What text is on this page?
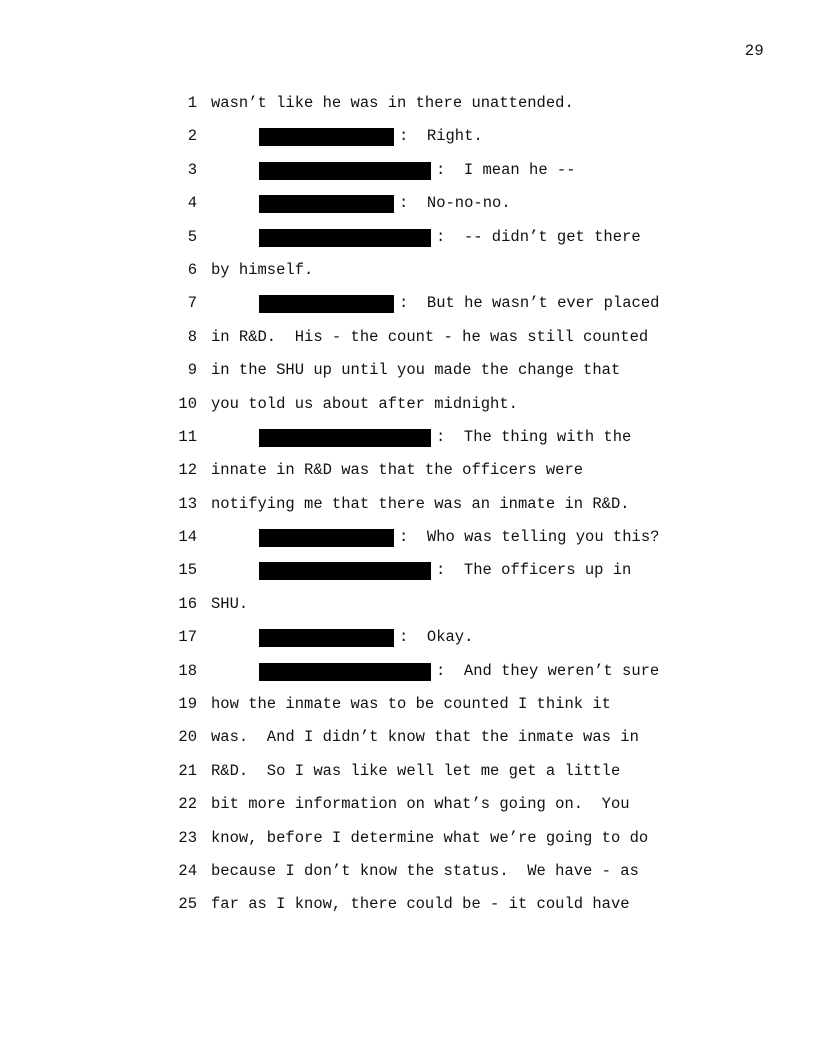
29
1 wasn’t like he was in there unattended.
2	:  Right.
3	:  I mean he --
4	:  No-no-no.
5	:  -- didn’t get there
6 by himself.
7	:  But he wasn’t ever placed
8 in R&D.  His - the count - he was still counted
9 in the SHU up until you made the change that
10 you told us about after midnight.
11	:  The thing with the
12 innate in R&D was that the officers were
13 notifying me that there was an inmate in R&D.
14	:  Who was telling you this?
15	:  The officers up in
16 SHU.
17	:  Okay.
18	:  And they weren’t sure
19 how the inmate was to be counted I think it
20 was.  And I didn’t know that the inmate was in
21 R&D.  So I was like well let me get a little
22 bit more information on what’s going on.  You
23 know, before I determine what we’re going to do
24 because I don’t know the status.  We have - as
25 far as I know, there could be - it could have
